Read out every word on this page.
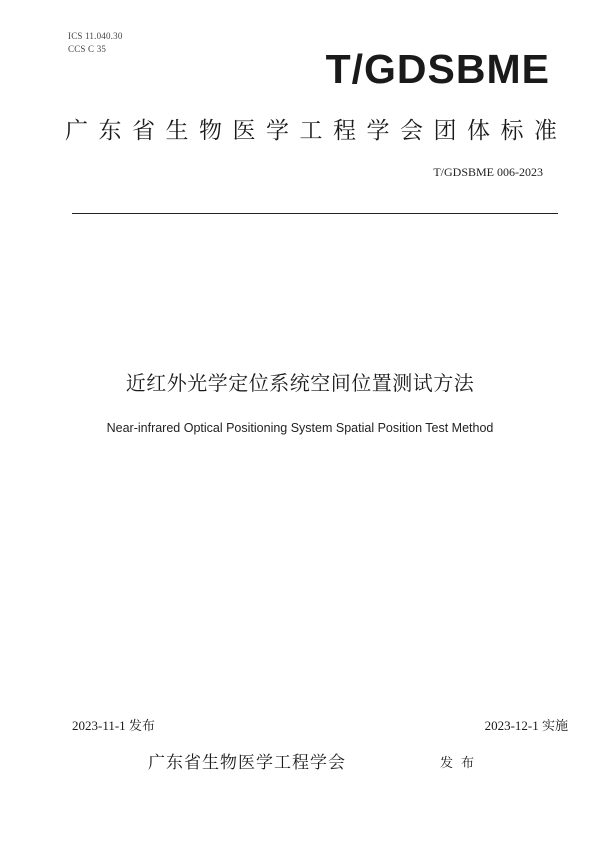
ICS 11.040.30
CCS C 35	T/GDSBME
广东省生物医学工程学会团体标准
T/GDSBME 006-2023
近红外光学定位系统空间位置测试方法
Near-infrared Optical Positioning System Spatial Position Test Method
2023-11-1 发布	2023-12-1 实施
广东省生物医学工程学会	发布
